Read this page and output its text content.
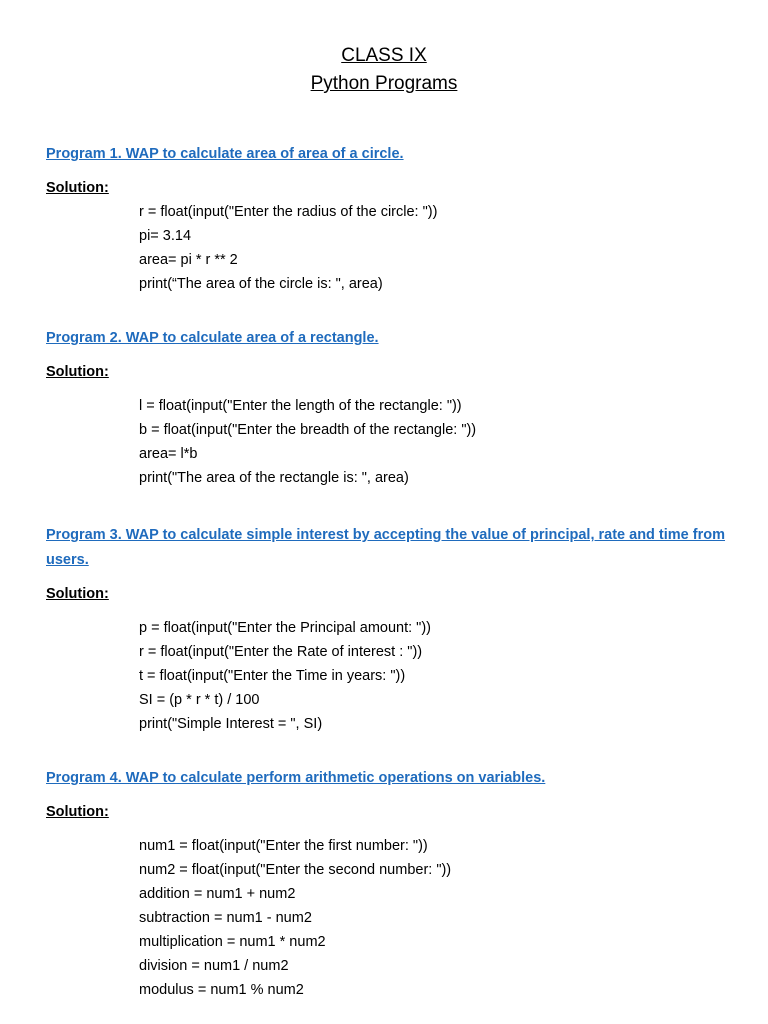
CLASS IX
Python Programs
Program 1. WAP to calculate area of area of a circle.
Solution:
r = float(input("Enter the radius of the circle: "))
pi= 3.14
area= pi * r ** 2
print(“The area of the circle is: ", area)
Program 2. WAP to calculate area of a rectangle.
Solution:
l = float(input("Enter the length of the rectangle: "))
b = float(input("Enter the breadth of the rectangle: "))
area= l*b
print("The area of the rectangle is: ", area)
Program 3. WAP to calculate simple interest by accepting the value of principal, rate and time from users.
Solution:
p = float(input("Enter the Principal amount: "))
r = float(input("Enter the Rate of interest : "))
t = float(input("Enter the Time in years: "))
SI = (p * r * t) / 100
print("Simple Interest = ", SI)
Program 4. WAP to calculate perform arithmetic operations on variables.
Solution:
num1 = float(input("Enter the first number: "))
num2 = float(input("Enter the second number: "))
addition = num1 + num2
subtraction = num1 - num2
multiplication = num1 * num2
division = num1 / num2
modulus = num1 % num2
